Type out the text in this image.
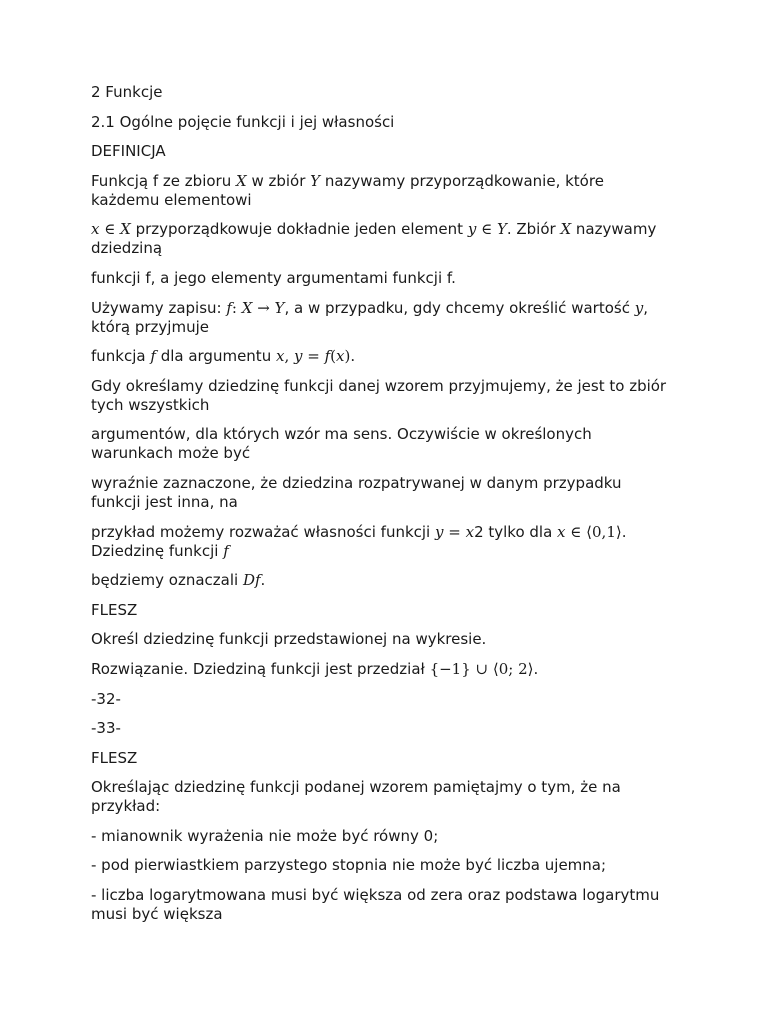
2 Funkcje

2.1 Ogólne pojęcie funkcji i jej własności

DEFINICJA

Funkcją f ze zbioru X w zbiór Y nazywamy przyporządkowanie, które każdemu elementowi

x ∈ X przyporządkowuje dokładnie jeden element y ∈ Y. Zbiór X nazywamy dziedziną

funkcji f, a jego elementy argumentami funkcji f.

Używamy zapisu: f: X → Y, a w przypadku, gdy chcemy określić wartość y, którą przyjmuje

funkcja f dla argumentu x, y = f(x).

Gdy określamy dziedzinę funkcji danej wzorem przyjmujemy, że jest to zbiór tych wszystkich

argumentów, dla których wzór ma sens. Oczywiście w określonych warunkach może być

wyraźnie zaznaczone, że dziedzina rozpatrywanej w danym przypadku funkcji jest inna, na

przykład możemy rozważać własności funkcji y = x2 tylko dla x ∈ ⟨0,1⟩. Dziedzinę funkcji f

będziemy oznaczali Df.

FLESZ

Określ dziedzinę funkcji przedstawionej na wykresie.

Rozwiązanie. Dziedziną funkcji jest przedział {−1} ∪ ⟨0; 2⟩.

-32-

-33-

FLESZ

Określając dziedzinę funkcji podanej wzorem pamiętajmy o tym, że na przykład:

- mianownik wyrażenia nie może być równy 0;

- pod pierwiastkiem parzystego stopnia nie może być liczba ujemna;

- liczba logarytmowana musi być większa od zera oraz podstawa logarytmu musi być większa
